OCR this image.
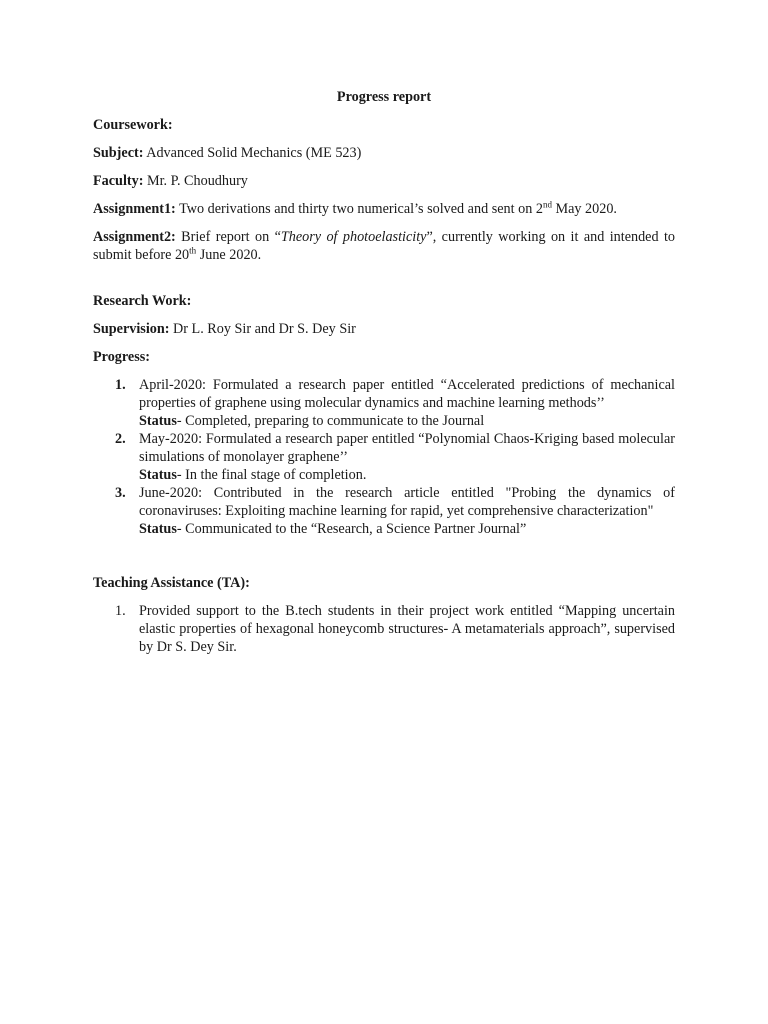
Progress report
Coursework:
Subject: Advanced Solid Mechanics (ME 523)
Faculty: Mr. P. Choudhury
Assignment1: Two derivations and thirty two numerical’s solved and sent on 2nd May 2020.
Assignment2: Brief report on “Theory of photoelasticity”, currently working on it and intended to submit before 20th June 2020.
Research Work:
Supervision: Dr L. Roy Sir and Dr S. Dey Sir
Progress:
1. April-2020: Formulated a research paper entitled “Accelerated predictions of mechanical properties of graphene using molecular dynamics and machine learning methods’’
Status- Completed, preparing to communicate to the Journal
2. May-2020: Formulated a research paper entitled “Polynomial Chaos-Kriging based molecular simulations of monolayer graphene’’
Status- In the final stage of completion.
3. June-2020: Contributed in the research article entitled "Probing the dynamics of coronaviruses: Exploiting machine learning for rapid, yet comprehensive characterization"
Status- Communicated to the “Research, a Science Partner Journal”
Teaching Assistance (TA):
1. Provided support to the B.tech students in their project work entitled “Mapping uncertain elastic properties of hexagonal honeycomb structures- A metamaterials approach”, supervised by Dr S. Dey Sir.
